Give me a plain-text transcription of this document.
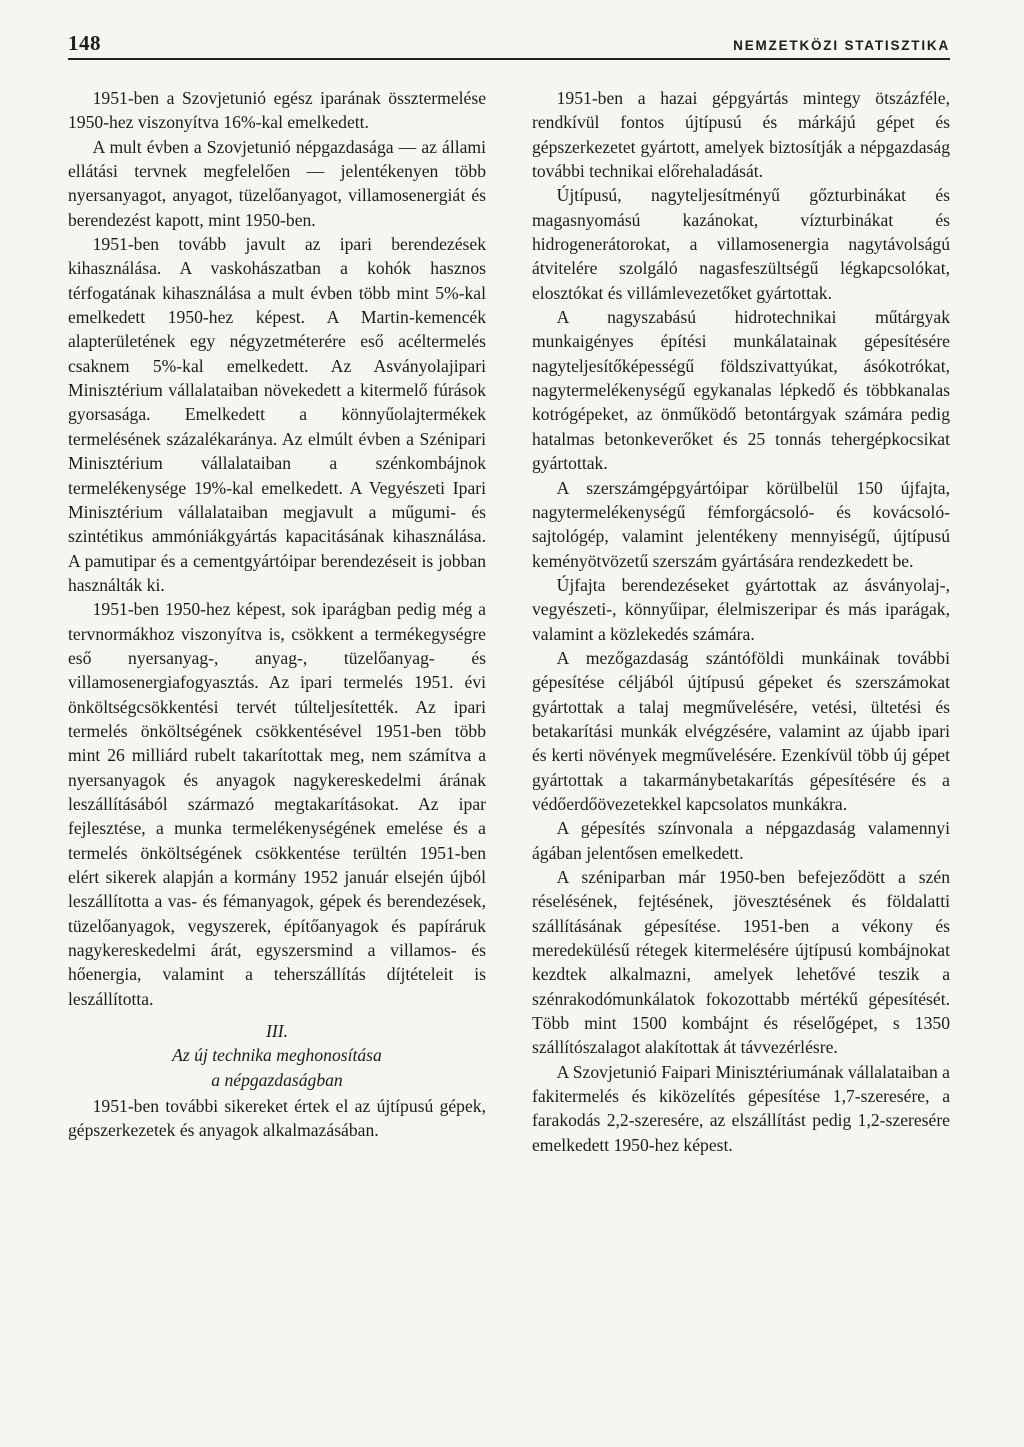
148	NEMZETKÖZI STATISZTIKA

1951-ben a Szovjetunió egész iparának össztermelése 1950-hez viszonyítva 16%-kal emelkedett.

A mult évben a Szovjetunió népgazdasága — az állami ellátási tervnek megfelelően — jelentékenyen több nyersanyagot, anyagot, tüzelőanyagot, villamosenergiát és berendezést kapott, mint 1950-ben.

1951-ben tovább javult az ipari berendezések kihasználása. A vaskohászatban a kohók hasznos térfogatának kihasználása a mult évben több mint 5%-kal emelkedett 1950-hez képest. A Martin-kemencék alapterületének egy négyzetméterére eső acéltermelés csaknem 5%-kal emelkedett. Az Asványolajipari Minisztérium vállalataiban növekedett a kitermelő fúrások gyorsasága. Emelkedett a könnyűolajtermékek termelésének százalékaránya. Az elmúlt évben a Szénipari Minisztérium vállalataiban a szénkombájnok termelékenysége 19%-kal emelkedett. A Vegyészeti Ipari Minisztérium vállalataiban megjavult a műgumi- és szintétikus ammóniákgyártás kapacitásának kihasználása. A pamutipar és a cementgyártóipar berendezéseit is jobban használták ki.

1951-ben 1950-hez képest, sok iparágban pedig még a tervnormákhoz viszonyítva is, csökkent a termékegységre eső nyersanyag-, anyag-, tüzelőanyag- és villamosenergiafogyasztás. Az ipari termelés 1951. évi önköltségcsökkentési tervét túlteljesítették. Az ipari termelés önköltségének csökkentésével 1951-ben több mint 26 milliárd rubelt takarítottak meg, nem számítva a nyersanyagok és anyagok nagykereskedelmi árának leszállításából származó megtakarításokat. Az ipar fejlesztése, a munka termelékenységének emelése és a termelés önköltségének csökkentése terültén 1951-ben elért sikerek alapján a kormány 1952 január elsején újból leszállította a vas- és fémanyagok, gépek és berendezések, tüzelőanyagok, vegyszerek, építőanyagok és papíráruk nagykereskedelmi árát, egyszersmind a villamos- és hőenergia, valamint a teherszállítás díjtételeit is leszállította.

III.
Az új technika meghonosítása
a népgazdaságban

1951-ben további sikereket értek el az újtípusú gépek, gépszerkezetek és anyagok alkalmazásában.

1951-ben a hazai gépgyártás mintegy ötszázféle, rendkívül fontos újtípusú és márkájú gépet és gépszerkezetet gyártott, amelyek biztosítják a népgazdaság további technikai előrehaladását.

Újtípusú, nagyteljesítményű gőzturbinákat és magasnyomású kazánokat, vízturbinákat és hidrogenerátorokat, a villamosenergia nagytávolságú átvitelére szolgáló nagasfeszültségű légkapcsolókat, elosztókat és villámlevezetőket gyártottak.

A nagyszabású hidrotechnikai műtárgyak munkaigényes építési munkálatainak gépesítésére nagyteljesítőképességű földszivattyúkat, ásókotrókat, nagytermelékenységű egykanalas lépkedő és többkanalas kotrógépeket, az önműködő betontárgyak számára pedig hatalmas betonkeverőket és 25 tonnás tehergépkocsikat gyártottak.

A szerszámgépgyártóipar körülbelül 150 újfajta, nagytermelékenységű fémforgácsoló- és kovácsoló-sajtológép, valamint jelentékeny mennyiségű, újtípusú keményötvözetű szerszám gyártására rendezkedett be.

Újfajta berendezéseket gyártottak az ásványolaj-, vegyészeti-, könnyűipar, élelmiszeripar és más iparágak, valamint a közlekedés számára.

A mezőgazdaság szántóföldi munkáinak további gépesítése céljából újtípusú gépeket és szerszámokat gyártottak a talaj megművelésére, vetési, ültetési és betakarítási munkák elvégzésére, valamint az újabb ipari és kerti növények megművelésére. Ezenkívül több új gépet gyártottak a takarmánybetakarítás gépesítésére és a védőerdőövezetekkel kapcsolatos munkákra.

A gépesítés színvonala a népgazdaság valamennyi ágában jelentősen emelkedett.

A széniparban már 1950-ben befejeződött a szén réselésének, fejtésének, jövesztésének és földalatti szállításának gépesítése. 1951-ben a vékony és meredekülésű rétegek kitermelésére újtípusú kombájnokat kezdtek alkalmazni, amelyek lehetővé teszik a szénrakodómunkálatok fokozottabb mértékű gépesítését. Több mint 1500 kombájnt és réselőgépet, s 1350 szállítószalagot alakítottak át távvezérlésre.

A Szovjetunió Faipari Minisztériumának vállalataiban a fakitermelés és kiközelítés gépesítése 1,7-szeresére, a farakodás 2,2-szeresére, az elszállítást pedig 1,2-szeresére emelkedett 1950-hez képest.
